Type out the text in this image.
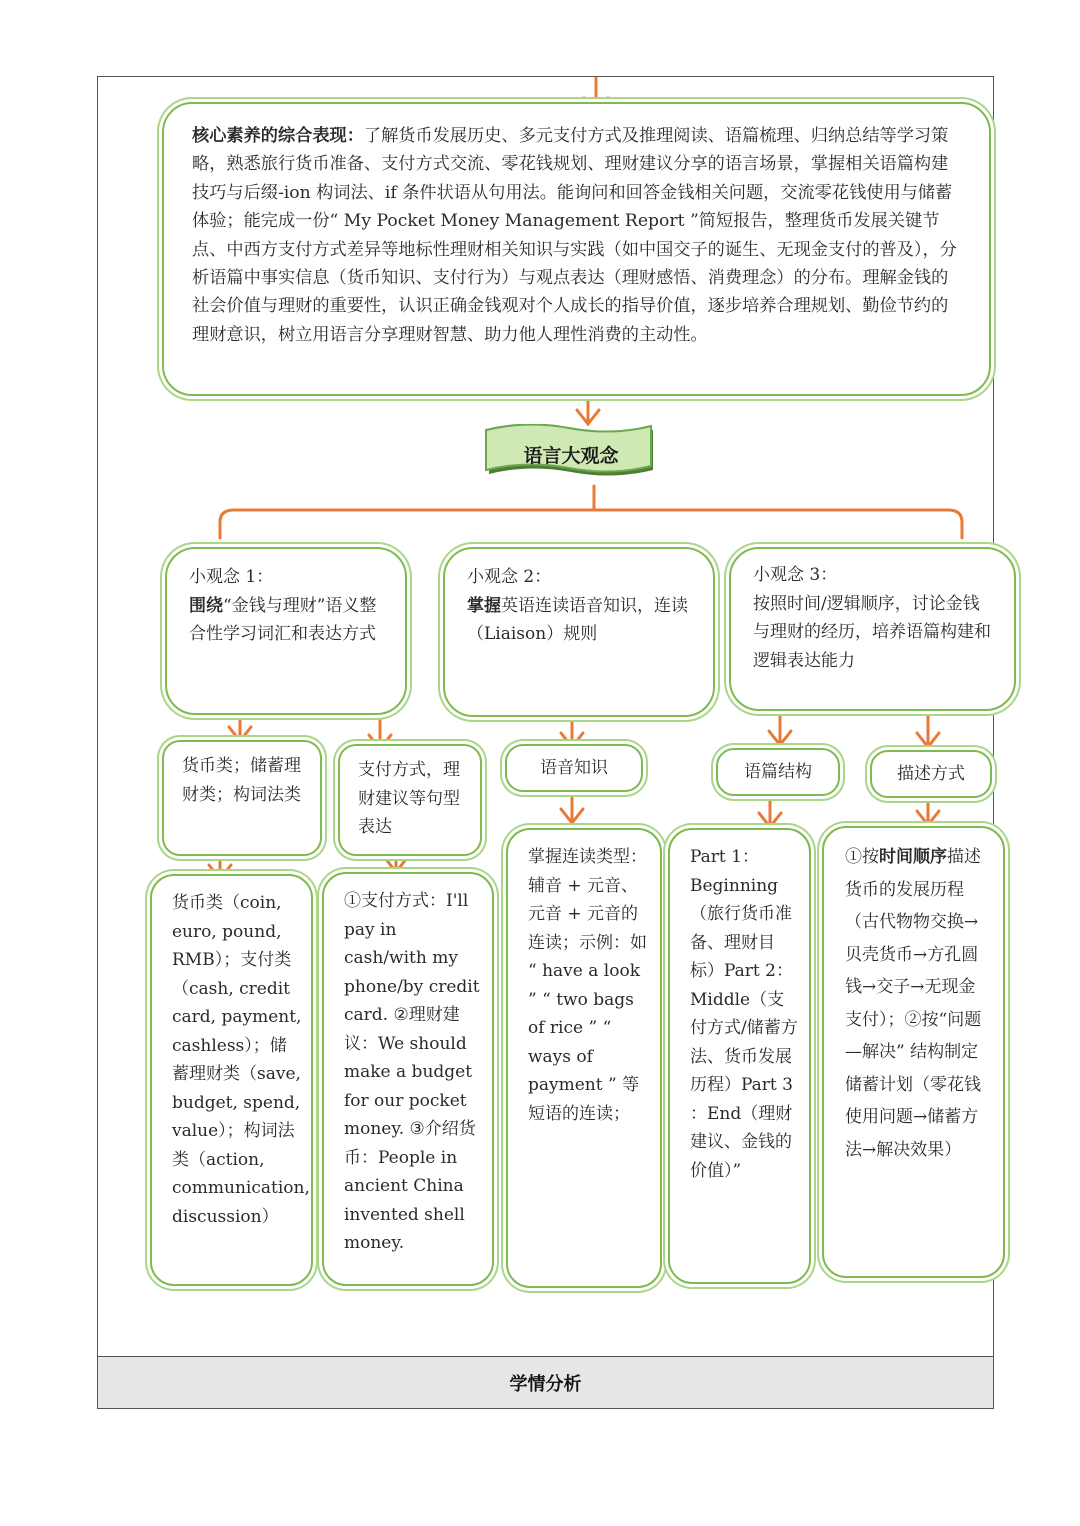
核心素养的综合表现：了解货币发展历史、多元支付方式及推理阅读、语篇梳理、归纳总结等学习策略，熟悉旅行货币准备、支付方式交流、零花钱规划、理财建议分享的语言场景，掌握相关语篇构建技巧与后缀-ion 构词法、if 条件状语从句用法。能询问和回答金钱相关问题，交流零花钱使用与储蓄体验；能完成一份“ My Pocket Money Management Report ”简短报告，整理货币发展关键节点、中西方支付方式差异等地标性理财相关知识与实践（如中国交子的诞生、无现金支付的普及），分析语篇中事实信息（货币知识、支付行为）与观点表达（理财感悟、消费理念）的分布。理解金钱的社会价值与理财的重要性，认识正确金钱观对个人成长的指导价值，逐步培养合理规划、勤俭节约的理财意识，树立用语言分享理财智慧、助力他人理性消费的主动性。
语言大观念
小观念 1：
围绕“金钱与理财”语义整合性学习词汇和表达方式
小观念 2：
掌握英语连读语音知识，连读（Liaison）规则
小观念 3：
按照时间/逻辑顺序，讨论金钱与理财的经历，培养语篇构建和逻辑表达能力
货币类；储蓄理财类；构词法类
支付方式，理财建议等句型表达
语音知识	语篇结构	描述方式
货币类（coin, euro, pound, RMB）；支付类（cash, credit card, payment, cashless）；储蓄理财类（save, budget, spend, value）；构词法类（action, communication, discussion）
①支付方式：I'll pay in cash/with my phone/by credit card. ②理财建议：We should make a budget for our pocket money. ③介绍货币：People in ancient China invented shell money.
掌握连读类型：辅音 + 元音、元音 + 元音的连读；示例：如 “ have a look ” “ two bags of rice ” “ ways of payment ” 等短语的连读；
Part 1：Beginning（旅行货币准备、理财目标）Part 2：Middle（支付方式/储蓄方法、货币发展历程）Part 3 ：End（理财建议、金钱的价值）”
①按时间顺序描述货币的发展历程（古代物物交换→贝壳货币→方孔圆钱→交子→无现金支付）；②按“问题—解决” 结构制定储蓄计划（零花钱使用问题→储蓄方法→解决效果）
学情分析
